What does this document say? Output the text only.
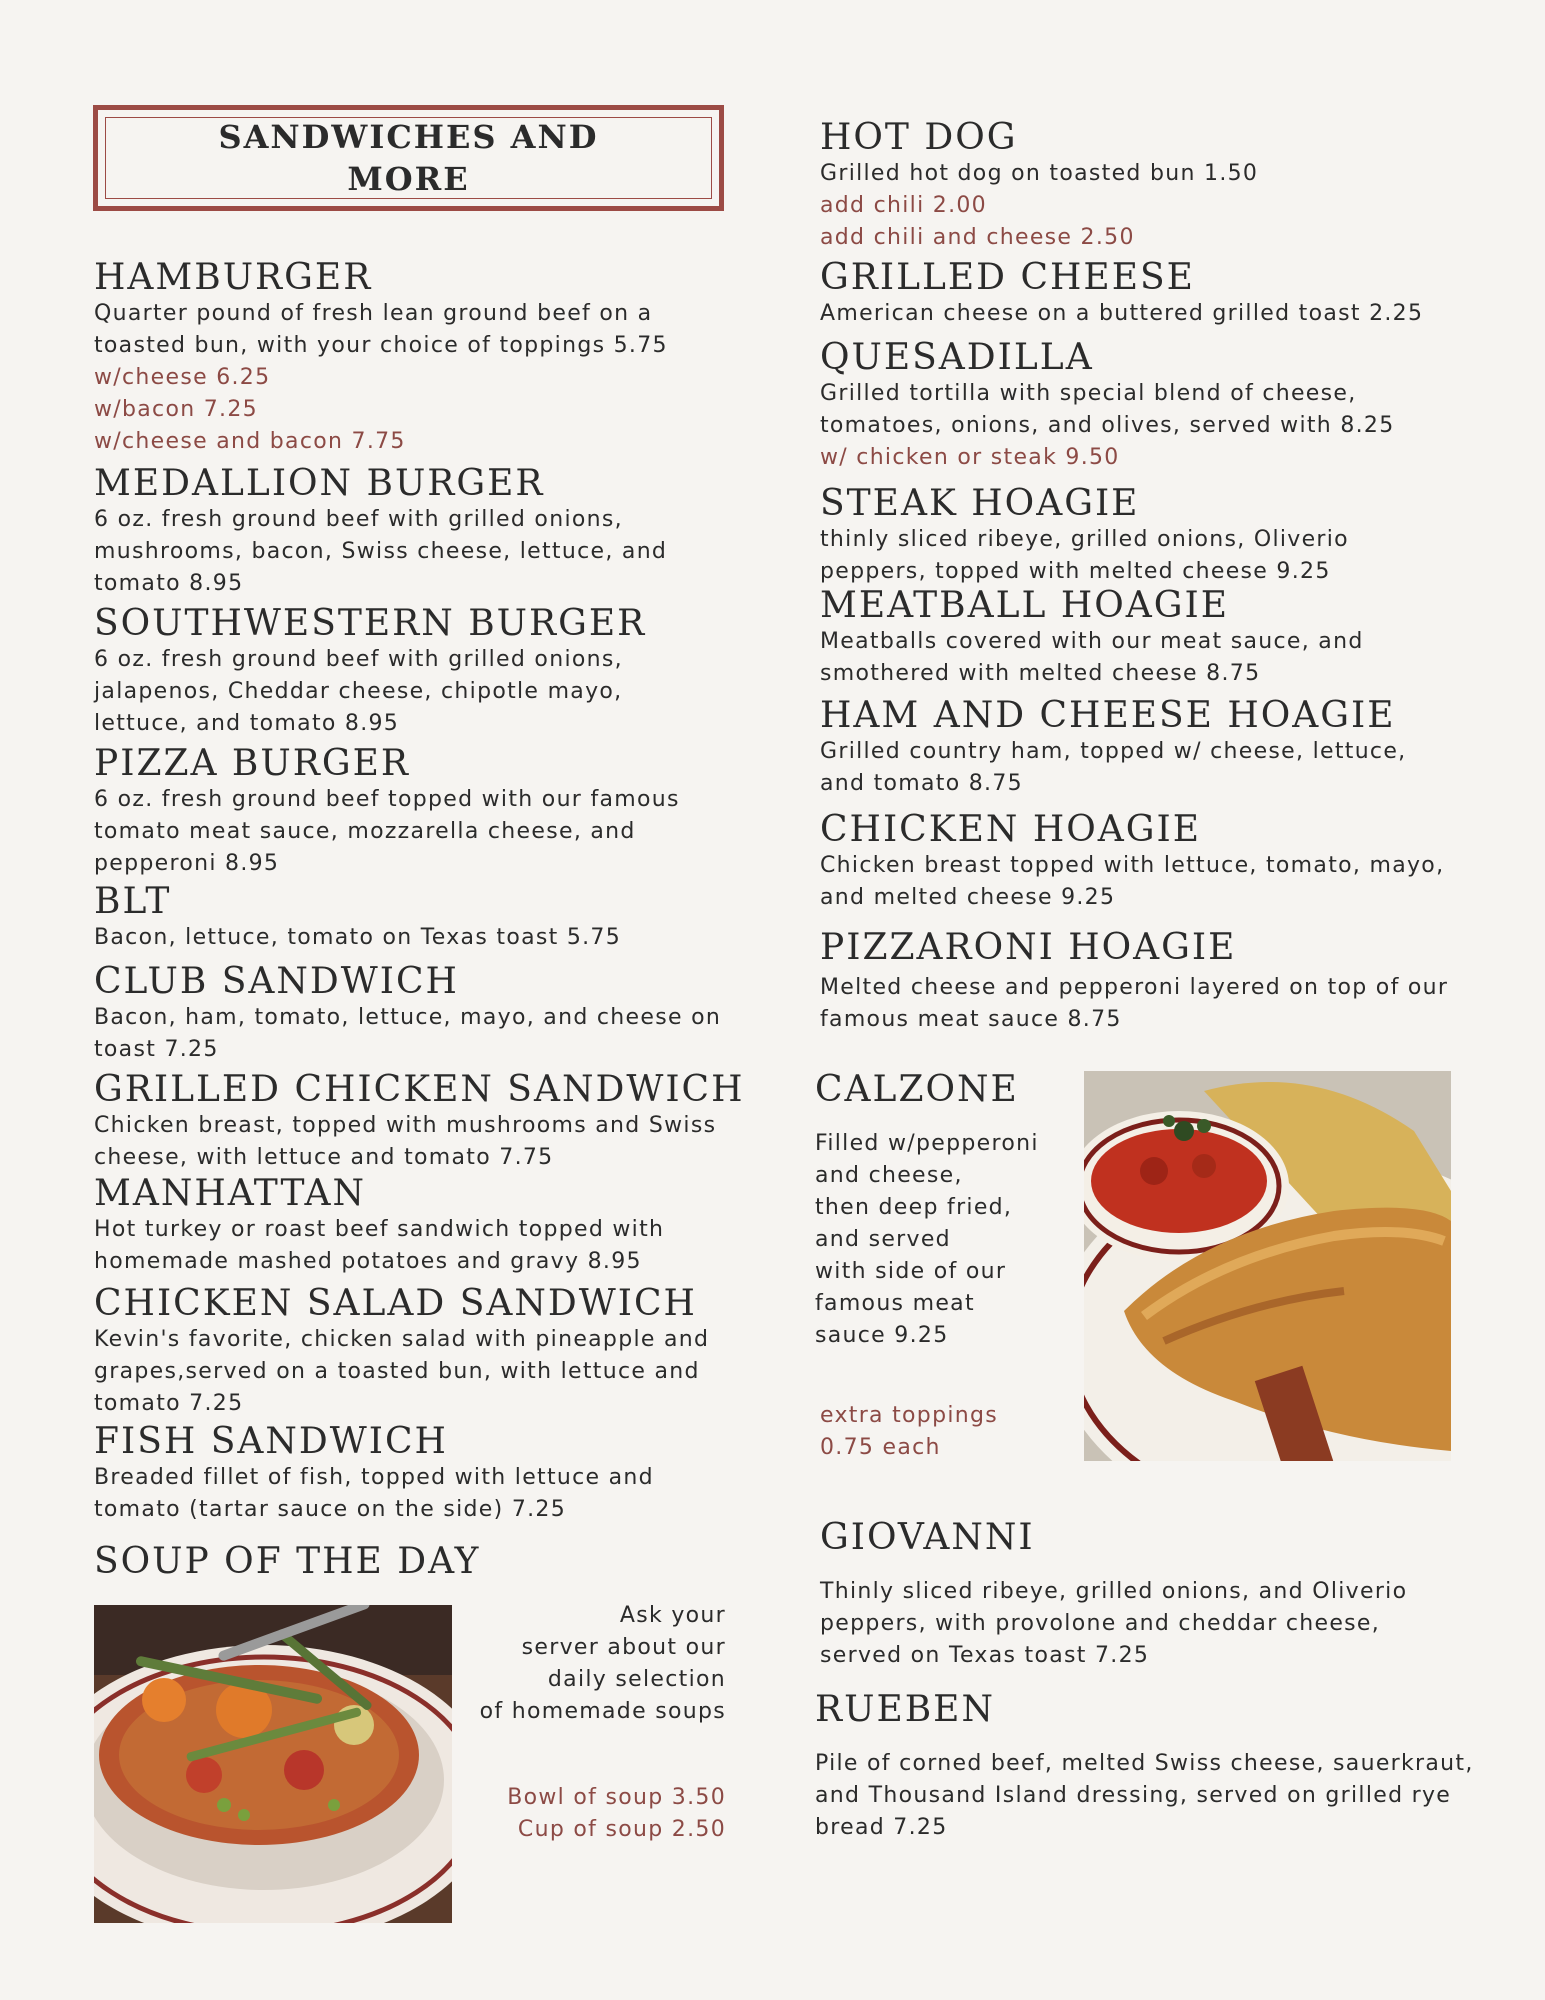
SANDWICHES AND MORE
HAMBURGER
Quarter pound of fresh lean ground beef on a toasted bun, with your choice of toppings 5.75
w/cheese 6.25
w/bacon 7.25
w/cheese and bacon 7.75
MEDALLION BURGER
6 oz. fresh ground beef with grilled onions, mushrooms, bacon, Swiss cheese, lettuce, and tomato 8.95
SOUTHWESTERN BURGER
6 oz. fresh ground beef with grilled onions, jalapenos, Cheddar cheese, chipotle mayo, lettuce, and tomato 8.95
PIZZA BURGER
6 oz. fresh ground beef topped with our famous tomato meat sauce, mozzarella cheese, and pepperoni 8.95
BLT
Bacon, lettuce, tomato on Texas toast 5.75
CLUB SANDWICH
Bacon, ham, tomato, lettuce, mayo, and cheese on toast 7.25
GRILLED CHICKEN SANDWICH
Chicken breast, topped with mushrooms and Swiss cheese, with lettuce and tomato 7.75
MANHATTAN
Hot turkey or roast beef sandwich topped with homemade mashed potatoes and gravy 8.95
CHICKEN SALAD SANDWICH
Kevin's favorite, chicken salad with pineapple and grapes,served on a toasted bun, with lettuce and tomato 7.25
FISH SANDWICH
Breaded fillet of fish, topped with lettuce and tomato (tartar sauce on the side) 7.25
SOUP OF THE DAY
Ask your
server about our
daily selection
of homemade soups
Bowl of soup 3.50
Cup of soup 2.50
HOT DOG
Grilled hot dog on toasted bun 1.50
add chili 2.00
add chili and cheese 2.50
GRILLED CHEESE
American cheese on a buttered grilled toast 2.25
QUESADILLA
Grilled tortilla with special blend of cheese, tomatoes, onions, and olives, served with 8.25
w/ chicken or steak 9.50
STEAK HOAGIE
thinly sliced ribeye, grilled onions, Oliverio peppers, topped with melted cheese 9.25
MEATBALL HOAGIE
Meatballs covered with our meat sauce, and smothered with melted cheese 8.75
HAM AND CHEESE HOAGIE
Grilled country ham, topped w/ cheese, lettuce, and tomato 8.75
CHICKEN HOAGIE
Chicken breast topped with lettuce, tomato, mayo, and melted cheese 9.25
PIZZARONI HOAGIE
Melted cheese and pepperoni layered on top of our famous meat sauce 8.75
CALZONE
Filled w/pepperoni
and cheese,
then deep fried,
and served
with side of our
famous meat
sauce 9.25
extra toppings
0.75 each
GIOVANNI
Thinly sliced ribeye, grilled onions, and Oliverio peppers, with provolone and cheddar cheese, served on Texas toast 7.25
RUEBEN
Pile of corned beef, melted Swiss cheese, sauerkraut, and Thousand Island dressing, served on grilled rye bread 7.25
